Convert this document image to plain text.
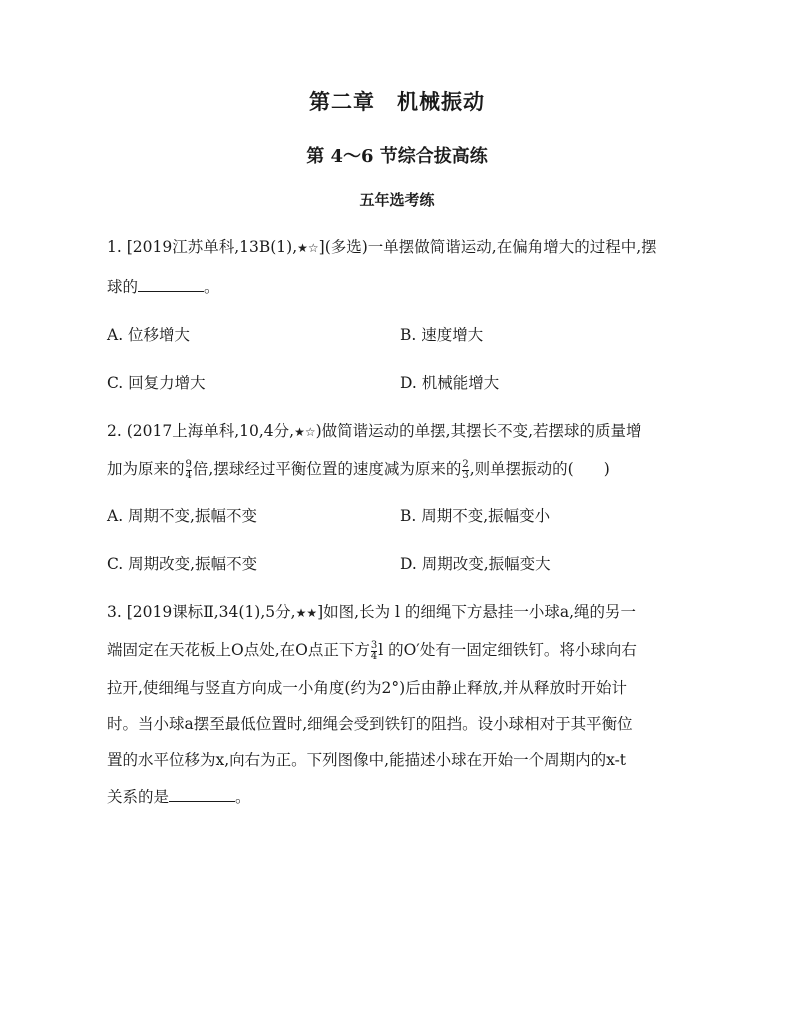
第二章 机械振动
第 4～6 节综合拔高练
五年选考练
1. [2019江苏单科,13B(1),★☆](多选)一单摆做简谐运动,在偏角增大的过程中,摆
球的	。
A. 位移增大	B. 速度增大
C. 回复力增大	D. 机械能增大
2. (2017上海单科,10,4分,★☆)做简谐运动的单摆,其摆长不变,若摆球的质量增
加为原来的 $\frac{9}{4}$ 倍,摆球经过平衡位置的速度减为原来的 $\frac{2}{3}$ ,则单摆振动的( )
A. 周期不变,振幅不变	B. 周期不变,振幅变小
C. 周期改变,振幅不变	D. 周期改变,振幅变大
3. [2019课标Ⅱ,34(1),5分,★★]如图,长为 l 的细绳下方悬挂一小球a,绳的另一
端固定在天花板上O点处,在O点正下方 $\frac{3}{4}$ l 的O′处有一固定细铁钉。将小球向右
拉开,使细绳与竖直方向成一小角度(约为2°)后由静止释放,并从释放时开始计
时。当小球a摆至最低位置时,细绳会受到铁钉的阻挡。设小球相对于其平衡位
置的水平位移为x,向右为正。下列图像中,能描述小球在开始一个周期内的x-t
关系的是	。
